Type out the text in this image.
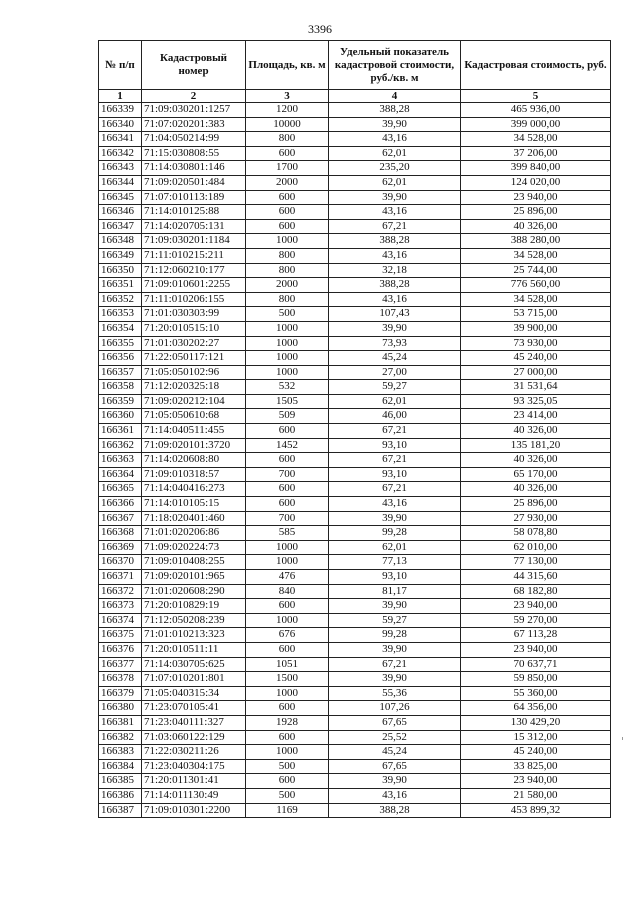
3396
№ п/п	Кадастровый номер	Площадь, кв. м	Удельный показатель кадастровой стоимости, руб./кв. м	Кадастровая стоимость, руб.
1	2	3	4	5
166339	71:09:030201:1257	1200	388,28	465 936,00
166340	71:07:020201:383	10000	39,90	399 000,00
166341	71:04:050214:99	800	43,16	34 528,00
166342	71:15:030808:55	600	62,01	37 206,00
166343	71:14:030801:146	1700	235,20	399 840,00
166344	71:09:020501:484	2000	62,01	124 020,00
166345	71:07:010113:189	600	39,90	23 940,00
166346	71:14:010125:88	600	43,16	25 896,00
166347	71:14:020705:131	600	67,21	40 326,00
166348	71:09:030201:1184	1000	388,28	388 280,00
166349	71:11:010215:211	800	43,16	34 528,00
166350	71:12:060210:177	800	32,18	25 744,00
166351	71:09:010601:2255	2000	388,28	776 560,00
166352	71:11:010206:155	800	43,16	34 528,00
166353	71:01:030303:99	500	107,43	53 715,00
166354	71:20:010515:10	1000	39,90	39 900,00
166355	71:01:030202:27	1000	73,93	73 930,00
166356	71:22:050117:121	1000	45,24	45 240,00
166357	71:05:050102:96	1000	27,00	27 000,00
166358	71:12:020325:18	532	59,27	31 531,64
166359	71:09:020212:104	1505	62,01	93 325,05
166360	71:05:050610:68	509	46,00	23 414,00
166361	71:14:040511:455	600	67,21	40 326,00
166362	71:09:020101:3720	1452	93,10	135 181,20
166363	71:14:020608:80	600	67,21	40 326,00
166364	71:09:010318:57	700	93,10	65 170,00
166365	71:14:040416:273	600	67,21	40 326,00
166366	71:14:010105:15	600	43,16	25 896,00
166367	71:18:020401:460	700	39,90	27 930,00
166368	71:01:020206:86	585	99,28	58 078,80
166369	71:09:020224:73	1000	62,01	62 010,00
166370	71:09:010408:255	1000	77,13	77 130,00
166371	71:09:020101:965	476	93,10	44 315,60
166372	71:01:020608:290	840	81,17	68 182,80
166373	71:20:010829:19	600	39,90	23 940,00
166374	71:12:050208:239	1000	59,27	59 270,00
166375	71:01:010213:323	676	99,28	67 113,28
166376	71:20:010511:11	600	39,90	23 940,00
166377	71:14:030705:625	1051	67,21	70 637,71
166378	71:07:010201:801	1500	39,90	59 850,00
166379	71:05:040315:34	1000	55,36	55 360,00
166380	71:23:070105:41	600	107,26	64 356,00
166381	71:23:040111:327	1928	67,65	130 429,20
166382	71:03:060122:129	600	25,52	15 312,00
166383	71:22:030211:26	1000	45,24	45 240,00
166384	71:23:040304:175	500	67,65	33 825,00
166385	71:20:011301:41	600	39,90	23 940,00
166386	71:14:011130:49	500	43,16	21 580,00
166387	71:09:010301:2200	1169	388,28	453 899,32
